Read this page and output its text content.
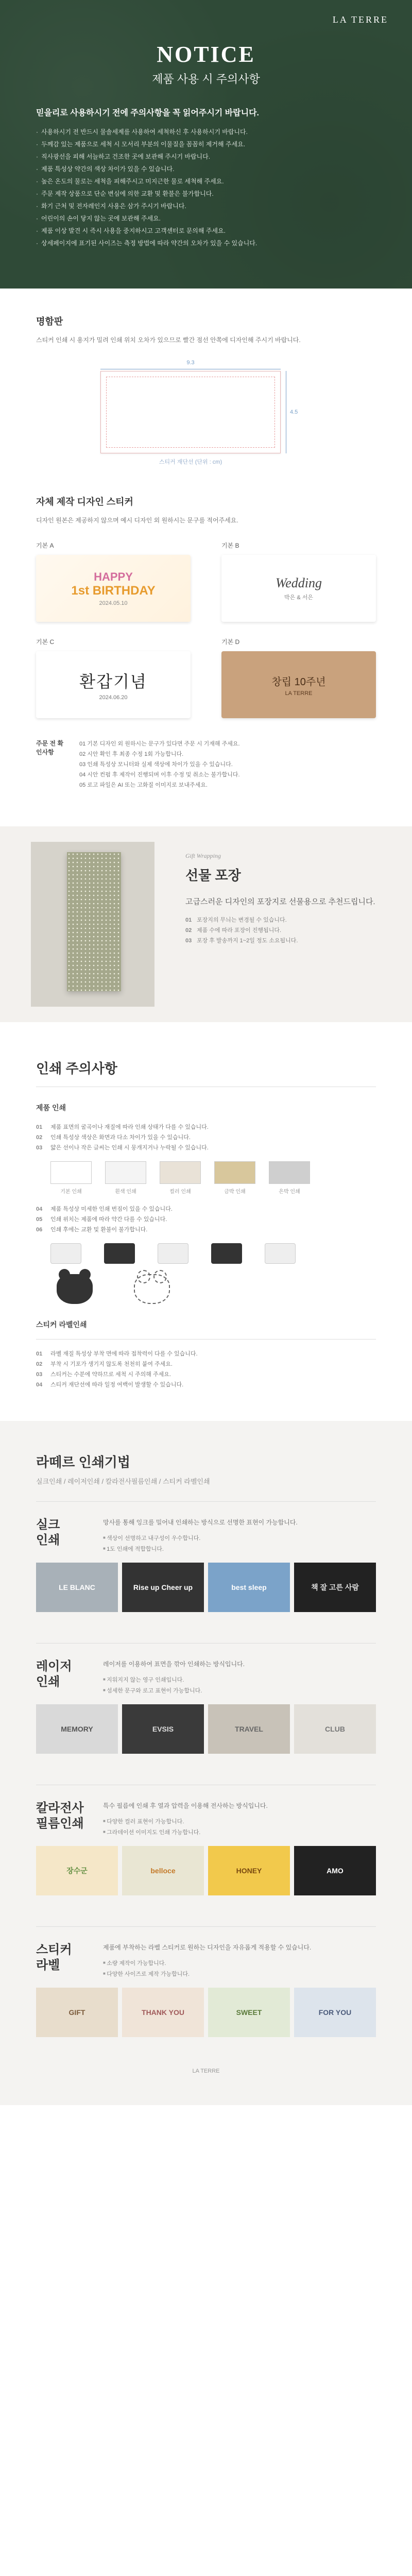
LA TERRE
NOTICE
제품 사용 시 주의사항
믿을리로 사용하시기 전에 주의사항을 꼭 읽어주시기 바랍니다.
· 사용하시기 전 반드시 물솔세제를 사용하여 세척하신 후 사용하시기 바랍니다.
· 두께감 있는 제품으로 세척 시 모서리 부분의 이물질을 꼼꼼히 제거해 주세요.
· 직사광선을 피해 서늘하고 건조한 곳에 보관해 주시기 바랍니다.
· 제품 특성상 약간의 색상 차이가 있을 수 있습니다.
· 높은 온도의 물로는 세척을 피해주시고 미지근한 물로 세척해 주세요.
· 주문 제작 상품으로 단순 변심에 의한 교환 및 환불은 불가합니다.
· 화기 근처 및 전자레인지 사용은 삼가 주시기 바랍니다.
· 어린이의 손이 닿지 않는 곳에 보관해 주세요.
· 제품 이상 발견 시 즉시 사용을 중지하시고 고객센터로 문의해 주세요.
· 상세페이지에 표기된 사이즈는 측정 방법에 따라 약간의 오차가 있을 수 있습니다.
명함판
스티커 인쇄 시 용지가 밀려 인쇄 위치 오차가 있으므로 빨간 점선 안쪽에 디자인해 주시기 바랍니다.
9.3
4.5
스티커 재단선 (단위 : cm)
자체 제작 디자인 스티커
디자인 원본은 제공하지 않으며 예시 디자인 외 원하시는 문구를 적어주세요.
기본 A
HAPPY
1st BIRTHDAY
2024.05.10
기본 B
Wedding
박은 & 서은
기본 C
환갑기념
2024.06.20
기본 D
창립 10주년
LA TERRE
주문 전 확인사항

01 기본 디자인 외 원하시는 문구가 있다면 주문 시 기재해 주세요.

02 시안 확인 후 최종 수정 1회 가능합니다.

03 인쇄 특성상 모니터와 실제 색상에 차이가 있을 수 있습니다.

04 시안 컨펌 후 제작이 진행되며 이후 수정 및 취소는 불가합니다.

05 로고 파일은 AI 또는 고화질 이미지로 보내주세요.

Gift Wrapping
선물 포장
고급스러운 디자인의 포장지로 선물용으로 추천드립니다.
01 포장지의 무늬는 변경될 수 있습니다.
02 제품 수에 따라 포장이 진행됩니다.
03 포장 후 발송까지 1~2일 정도 소요됩니다.
인쇄 주의사항
제품 인쇄
01	제품 표면의 굴곡이나 재질에 따라 인쇄 상태가 다를 수 있습니다.
02	인쇄 특성상 색상은 화면과 다소 차이가 있을 수 있습니다.
03	얇은 선이나 작은 글씨는 인쇄 시 뭉개지거나 누락될 수 있습니다.
기본 인쇄	흰색 인쇄	컬러 인쇄	금박 인쇄	은박 인쇄
04	제품 특성상 미세한 인쇄 번짐이 있을 수 있습니다.
05	인쇄 위치는 제품에 따라 약간 다를 수 있습니다.
06	인쇄 후에는 교환 및 환불이 불가합니다.
스티커 라벨인쇄
01	라벨 재질 특성상 부착 면에 따라 접착력이 다를 수 있습니다.
02	부착 시 기포가 생기지 않도록 천천히 붙여 주세요.
03	스티커는 수분에 약하므로 세척 시 주의해 주세요.
04	스티커 재단선에 따라 일정 여백이 발생할 수 있습니다.
라떼르 인쇄기법
실크인쇄 / 레이저인쇄 / 칼라전사필름인쇄 / 스티커 라벨인쇄
실크
인쇄
망사를 통해 잉크를 밀어내 인쇄하는 방식으로 선명한 표현이 가능합니다.
■ 색상이 선명하고 내구성이 우수합니다.
■ 1도 인쇄에 적합합니다.
LE BLANC	Rise up Cheer up	best sleep	책 잘 고른 사람
레이저
인쇄
레이저를 이용하여 표면을 깎아 인쇄하는 방식입니다.
■ 지워지지 않는 영구 인쇄입니다.
■ 섬세한 문구와 로고 표현이 가능합니다.
MEMORY	EVSIS	TRAVEL	CLUB
칼라전사
필름인쇄
특수 필름에 인쇄 후 열과 압력을 이용해 전사하는 방식입니다.
■ 다양한 컬러 표현이 가능합니다.
■ 그라데이션 이미지도 인쇄 가능합니다.
장수군	belloce	HONEY	AMO
스티커
라벨
제품에 부착하는 라벨 스티커로 원하는 디자인을 자유롭게 적용할 수 있습니다.
■ 소량 제작이 가능합니다.
■ 다양한 사이즈로 제작 가능합니다.
GIFT	THANK YOU	SWEET	FOR YOU
LA TERRE
